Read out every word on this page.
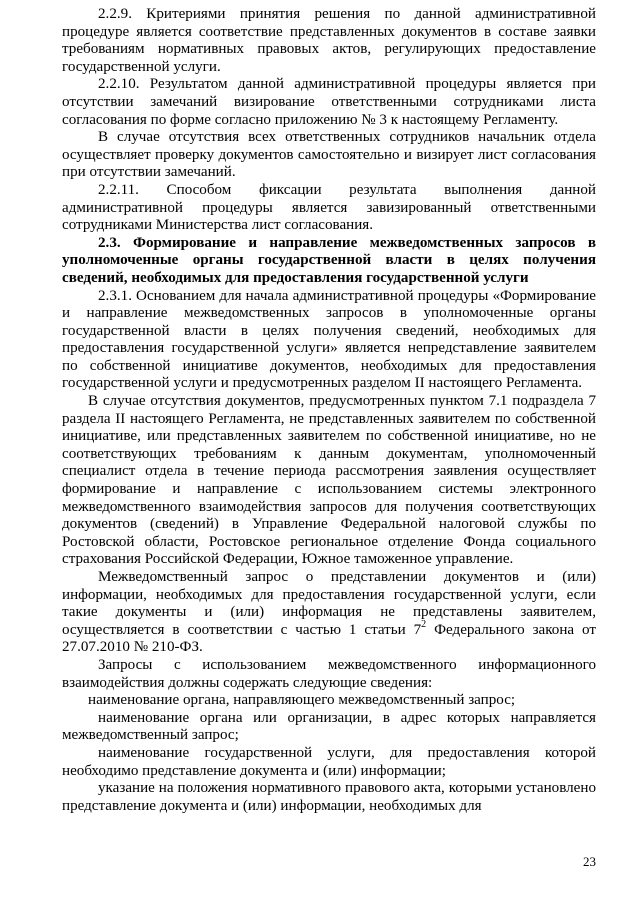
2.2.9. Критериями принятия решения по данной административной процедуре является соответствие представленных документов в составе заявки требованиям нормативных правовых актов, регулирующих предоставление государственной услуги.

2.2.10. Результатом данной административной процедуры является при отсутствии замечаний визирование ответственными сотрудниками листа согласования по форме согласно приложению № 3 к настоящему Регламенту.

В случае отсутствия всех ответственных сотрудников начальник отдела осуществляет проверку документов самостоятельно и визирует лист согласования при отсутствии замечаний.

2.2.11. Способом фиксации результата выполнения данной административной процедуры является завизированный ответственными сотрудниками Министерства лист согласования.

2.3. Формирование и направление межведомственных запросов в уполномоченные органы государственной власти в целях получения сведений, необходимых для предоставления государственной услуги

2.3.1. Основанием для начала административной процедуры «Формирование и направление межведомственных запросов в уполномоченные органы государственной власти в целях получения сведений, необходимых для предоставления государственной услуги» является непредставление заявителем по собственной инициативе документов, необходимых для предоставления государственной услуги и предусмотренных разделом II настоящего Регламента.

В случае отсутствия документов, предусмотренных пунктом 7.1 подраздела 7 раздела II настоящего Регламента, не представленных заявителем по собственной инициативе, или представленных заявителем по собственной инициативе, но не соответствующих требованиям к данным документам, уполномоченный специалист отдела в течение периода рассмотрения заявления осуществляет формирование и направление с использованием системы электронного межведомственного взаимодействия запросов для получения соответствующих документов (сведений) в Управление Федеральной налоговой службы по Ростовской области, Ростовское региональное отделение Фонда социального страхования Российской Федерации, Южное таможенное управление.

Межведомственный запрос о представлении документов и (или) информации, необходимых для предоставления государственной услуги, если такие документы и (или) информация не представлены заявителем, осуществляется в соответствии с частью 1 статьи $7^2$ Федерального закона от 27.07.2010 № 210-ФЗ.

Запросы с использованием межведомственного информационного взаимодействия должны содержать следующие сведения:

наименование органа, направляющего межведомственный запрос;

наименование органа или организации, в адрес которых направляется межведомственный запрос;

наименование государственной услуги, для предоставления которой необходимо представление документа и (или) информации;

указание на положения нормативного правового акта, которыми установлено представление документа и (или) информации, необходимых для

23
